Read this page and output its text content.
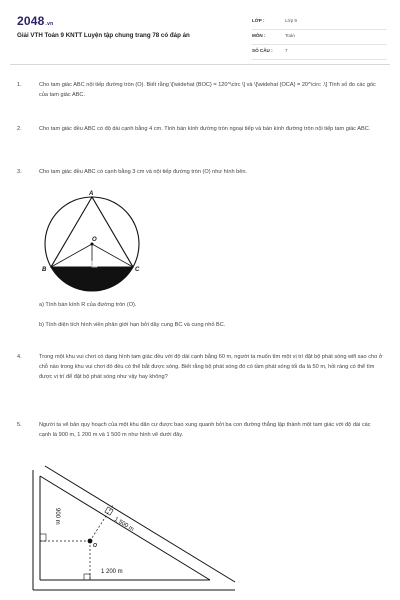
2048.vn
Giải VTH Toán 9 KNTT Luyện tập chung trang 78 có đáp án
LỚP :	Lớp 9
MÔN :	Toán
SỐ CÂU :	7
1.	Cho tam giác ABC nội tiếp đường tròn (O). Biết rằng \[\widehat {BOC} = 120^\circ \] và \[\widehat {OCA} = 20^\circ .\] Tính số đo các góc của tam giác ABC.
2.	Cho tam giác đều ABC có độ dài cạnh bằng 4 cm. Tính bán kính đường tròn ngoại tiếp và bán kính đường tròn nội tiếp tam giác ABC.
3.	Cho tam giác đều ABC có cạnh bằng 3 cm và nội tiếp đường tròn (O) như hình bên.
A
B	C
O
a) Tính bán kính R của đường tròn (O).
b) Tính diện tích hình viên phân giới hạn bởi dây cung BC và cung nhỏ BC.
4.	Trong một khu vui chơi có dạng hình tam giác đều với độ dài cạnh bằng 60 m, người ta muốn tìm một vị trí đặt bộ phát sóng wifi sao cho ở chỗ nào trong khu vui chơi đó đều có thể bắt được sóng. Biết rằng bộ phát sóng đó có tầm phát sóng tối đa là 50 m, hỏi ràng có thể tìm được vị trí để đặt bộ phát sóng như vậy hay không?
5.	Người ta vẽ bản quy hoạch của một khu dân cư được bao xung quanh bởi ba con đường thẳng lập thành một tam giác với độ dài các cạnh là 900 m, 1 200 m và 1 500 m như hình vẽ dưới đây.
O
900 m
1 500 m
1 200 m
